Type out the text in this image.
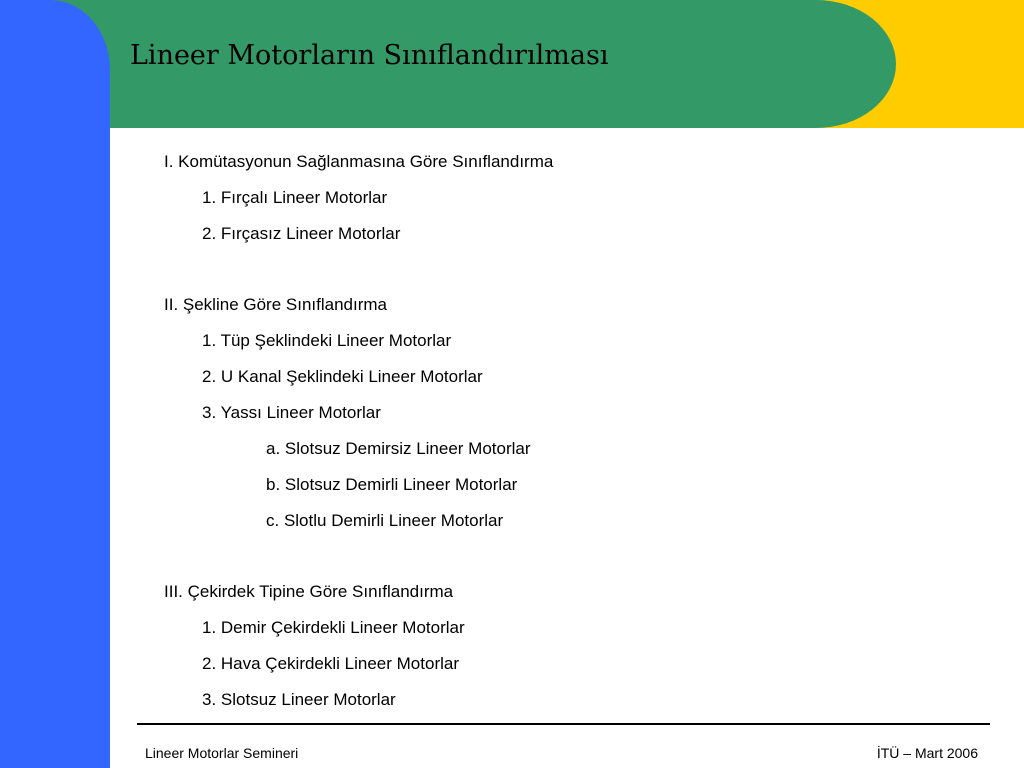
Lineer Motorların Sınıflandırılması
I. Komütasyonun Sağlanmasına Göre Sınıflandırma
1. Fırçalı Lineer Motorlar
2. Fırçasız Lineer Motorlar
II. Şekline Göre Sınıflandırma
1. Tüp Şeklindeki Lineer Motorlar
2. U Kanal Şeklindeki Lineer Motorlar
3. Yassı Lineer Motorlar
a. Slotsuz Demirsiz Lineer Motorlar
b. Slotsuz Demirli Lineer Motorlar
c. Slotlu Demirli Lineer Motorlar
III. Çekirdek Tipine Göre Sınıflandırma
1. Demir Çekirdekli Lineer Motorlar
2. Hava Çekirdekli Lineer Motorlar
3. Slotsuz Lineer Motorlar
Lineer Motorlar Semineri	İTÜ – Mart 2006
